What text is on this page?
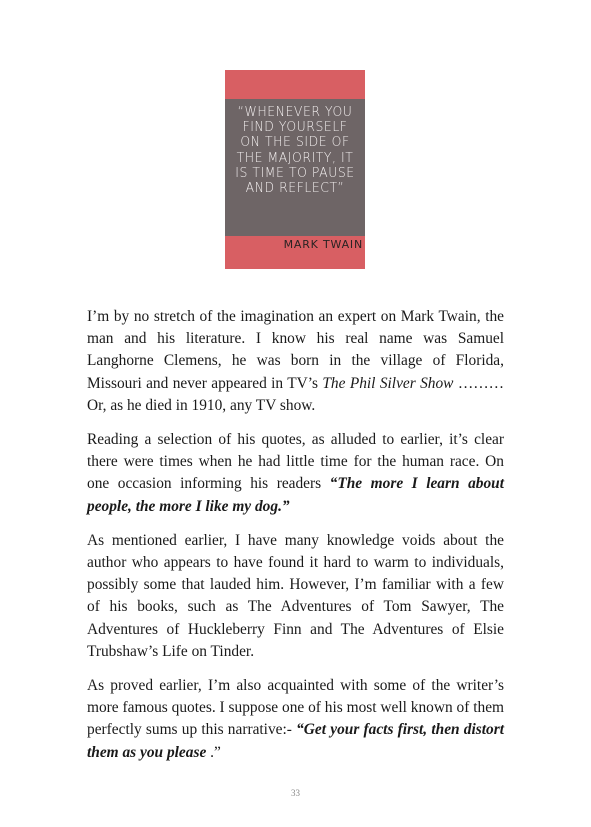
“WHENEVER YOU FIND YOURSELF ON THE SIDE OF THE MAJORITY, IT IS TIME TO PAUSE AND REFLECT”
MARK TWAIN

I’m by no stretch of the imagination an expert on Mark Twain, the man and his literature. I know his real name was Samuel Langhorne Clemens, he was born in the village of Florida, Missouri and never appeared in TV’s The Phil Silver Show ……… Or, as he died in 1910, any TV show.

Reading a selection of his quotes, as alluded to earlier, it’s clear there were times when he had little time for the human race. On one occasion informing his readers “The more I learn about people, the more I like my dog.”

As mentioned earlier, I have many knowledge voids about the author who appears to have found it hard to warm to individuals, possibly some that lauded him. However, I’m familiar with a few of his books, such as The Adventures of Tom Sawyer, The Adventures of Huckleberry Finn and The Adventures of Elsie Trubshaw’s Life on Tinder.

As proved earlier, I’m also acquainted with some of the writer’s more famous quotes. I suppose one of his most well known of them perfectly sums up this narrative:- “Get your facts first, then distort them as you please .”

33
